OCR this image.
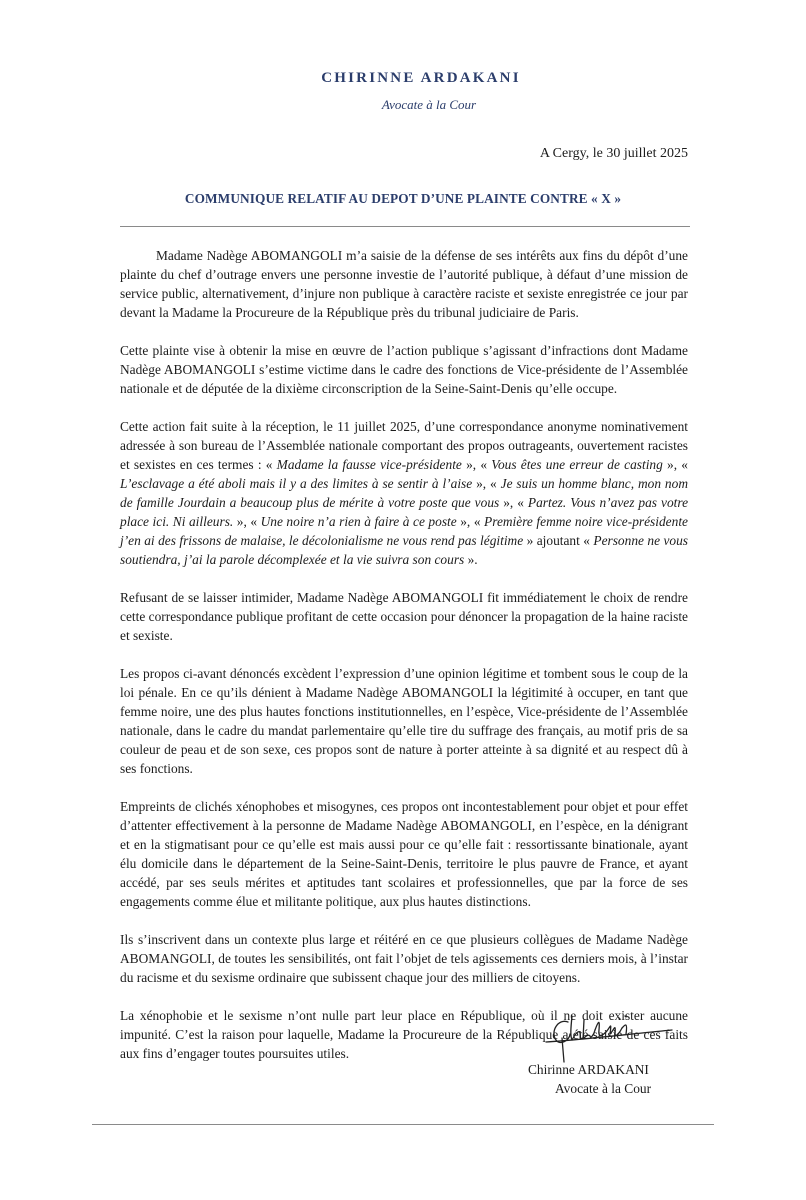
CHIRINNE ARDAKANI
Avocate à la Cour
A Cergy, le 30 juillet 2025
COMMUNIQUE RELATIF AU DEPOT D’UNE PLAINTE CONTRE « X »

Madame Nadège ABOMANGOLI m’a saisie de la défense de ses intérêts aux fins du dépôt d’une plainte du chef d’outrage envers une personne investie de l’autorité publique, à défaut d’une mission de service public, alternativement, d’injure non publique à caractère raciste et sexiste enregistrée ce jour par devant la Madame la Procureure de la République près du tribunal judiciaire de Paris.

Cette plainte vise à obtenir la mise en œuvre de l’action publique s’agissant d’infractions dont Madame Nadège ABOMANGOLI s’estime victime dans le cadre des fonctions de Vice-présidente de l’Assemblée nationale et de députée de la dixième circonscription de la Seine-Saint-Denis qu’elle occupe.

Cette action fait suite à la réception, le 11 juillet 2025, d’une correspondance anonyme nominativement adressée à son bureau de l’Assemblée nationale comportant des propos outrageants, ouvertement racistes et sexistes en ces termes : « Madame la fausse vice-présidente », « Vous êtes une erreur de casting », « L’esclavage a été aboli mais il y a des limites à se sentir à l’aise », « Je suis un homme blanc, mon nom de famille Jourdain a beaucoup plus de mérite à votre poste que vous », « Partez. Vous n’avez pas votre place ici. Ni ailleurs. », « Une noire n’a rien à faire à ce poste », « Première femme noire vice-présidente j’en ai des frissons de malaise, le décolonialisme ne vous rend pas légitime » ajoutant « Personne ne vous soutiendra, j’ai la parole décomplexée et la vie suivra son cours ».

Refusant de se laisser intimider, Madame Nadège ABOMANGOLI fit immédiatement le choix de rendre cette correspondance publique profitant de cette occasion pour dénoncer la propagation de la haine raciste et sexiste.

Les propos ci-avant dénoncés excèdent l’expression d’une opinion légitime et tombent sous le coup de la loi pénale. En ce qu’ils dénient à Madame Nadège ABOMANGOLI la légitimité à occuper, en tant que femme noire, une des plus hautes fonctions institutionnelles, en l’espèce, Vice-présidente de l’Assemblée nationale, dans le cadre du mandat parlementaire qu’elle tire du suffrage des français, au motif pris de sa couleur de peau et de son sexe, ces propos sont de nature à porter atteinte à sa dignité et au respect dû à ses fonctions.

Empreints de clichés xénophobes et misogynes, ces propos ont incontestablement pour objet et pour effet d’attenter effectivement à la personne de Madame Nadège ABOMANGOLI, en l’espèce, en la dénigrant et en la stigmatisant pour ce qu’elle est mais aussi pour ce qu’elle fait : ressortissante binationale, ayant élu domicile dans le département de la Seine-Saint-Denis, territoire le plus pauvre de France, et ayant accédé, par ses seuls mérites et aptitudes tant scolaires et professionnelles, que par la force de ses engagements comme élue et militante politique, aux plus hautes distinctions.

Ils s’inscrivent dans un contexte plus large et réitéré en ce que plusieurs collègues de Madame Nadège ABOMANGOLI, de toutes les sensibilités, ont fait l’objet de tels agissements ces derniers mois, à l’instar du racisme et du sexisme ordinaire que subissent chaque jour des milliers de citoyens.

La xénophobie et le sexisme n’ont nulle part leur place en République, où il ne doit exister aucune impunité. C’est la raison pour laquelle, Madame la Procureure de la République a été saisie de ces faits aux fins d’engager toutes poursuites utiles.

Chirinne ARDAKANI
Avocate à la Cour
